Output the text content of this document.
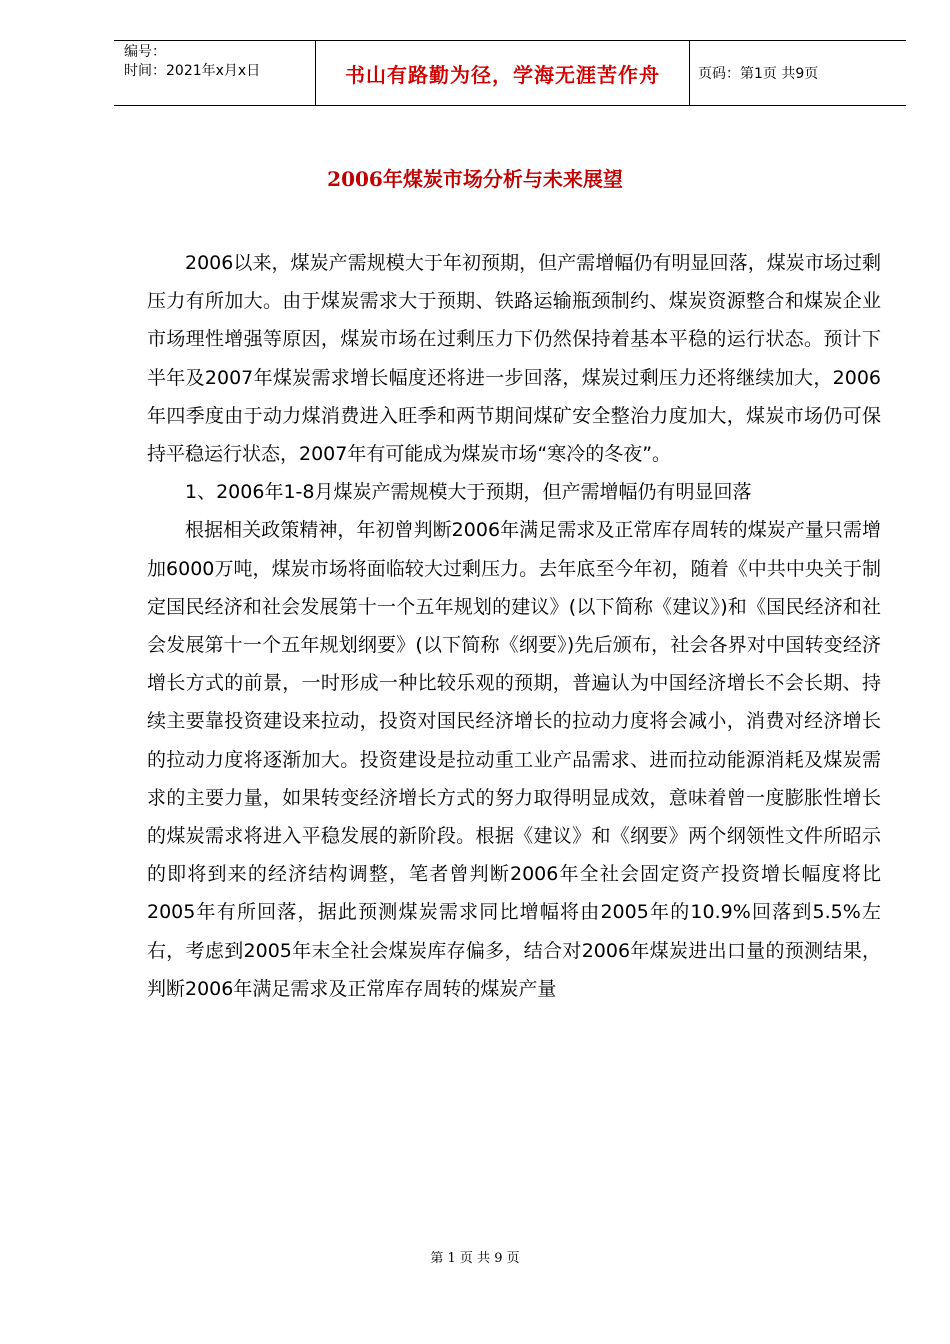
编号：
时间：2021年x月x日	书山有路勤为径，学海无涯苦作舟	页码：第1页 共9页
2006年煤炭市场分析与未来展望

2006以来，煤炭产需规模大于年初预期，但产需增幅仍有明显回落，煤炭市场过剩压力有所加大。由于煤炭需求大于预期、铁路运输瓶颈制约、煤炭资源整合和煤炭企业市场理性增强等原因，煤炭市场在过剩压力下仍然保持着基本平稳的运行状态。预计下半年及2007年煤炭需求增长幅度还将进一步回落，煤炭过剩压力还将继续加大，2006年四季度由于动力煤消费进入旺季和两节期间煤矿安全整治力度加大，煤炭市场仍可保持平稳运行状态，2007年有可能成为煤炭市场“寒冷的冬夜”。

1、2006年1-8月煤炭产需规模大于预期，但产需增幅仍有明显回落

根据相关政策精神，年初曾判断2006年满足需求及正常库存周转的煤炭产量只需增加6000万吨，煤炭市场将面临较大过剩压力。去年底至今年初，随着《中共中央关于制定国民经济和社会发展第十一个五年规划的建议》(以下简称《建议》)和《国民经济和社会发展第十一个五年规划纲要》(以下简称《纲要》)先后颁布，社会各界对中国转变经济增长方式的前景，一时形成一种比较乐观的预期，普遍认为中国经济增长不会长期、持续主要靠投资建设来拉动，投资对国民经济增长的拉动力度将会减小，消费对经济增长的拉动力度将逐渐加大。投资建设是拉动重工业产品需求、进而拉动能源消耗及煤炭需求的主要力量，如果转变经济增长方式的努力取得明显成效，意味着曾一度膨胀性增长的煤炭需求将进入平稳发展的新阶段。根据《建议》和《纲要》两个纲领性文件所昭示的即将到来的经济结构调整，笔者曾判断2006年全社会固定资产投资增长幅度将比2005年有所回落，据此预测煤炭需求同比增幅将由2005年的10.9%回落到5.5%左右，考虑到2005年末全社会煤炭库存偏多，结合对2006年煤炭进出口量的预测结果，判断2006年满足需求及正常库存周转的煤炭产量

第 1 页 共 9 页
